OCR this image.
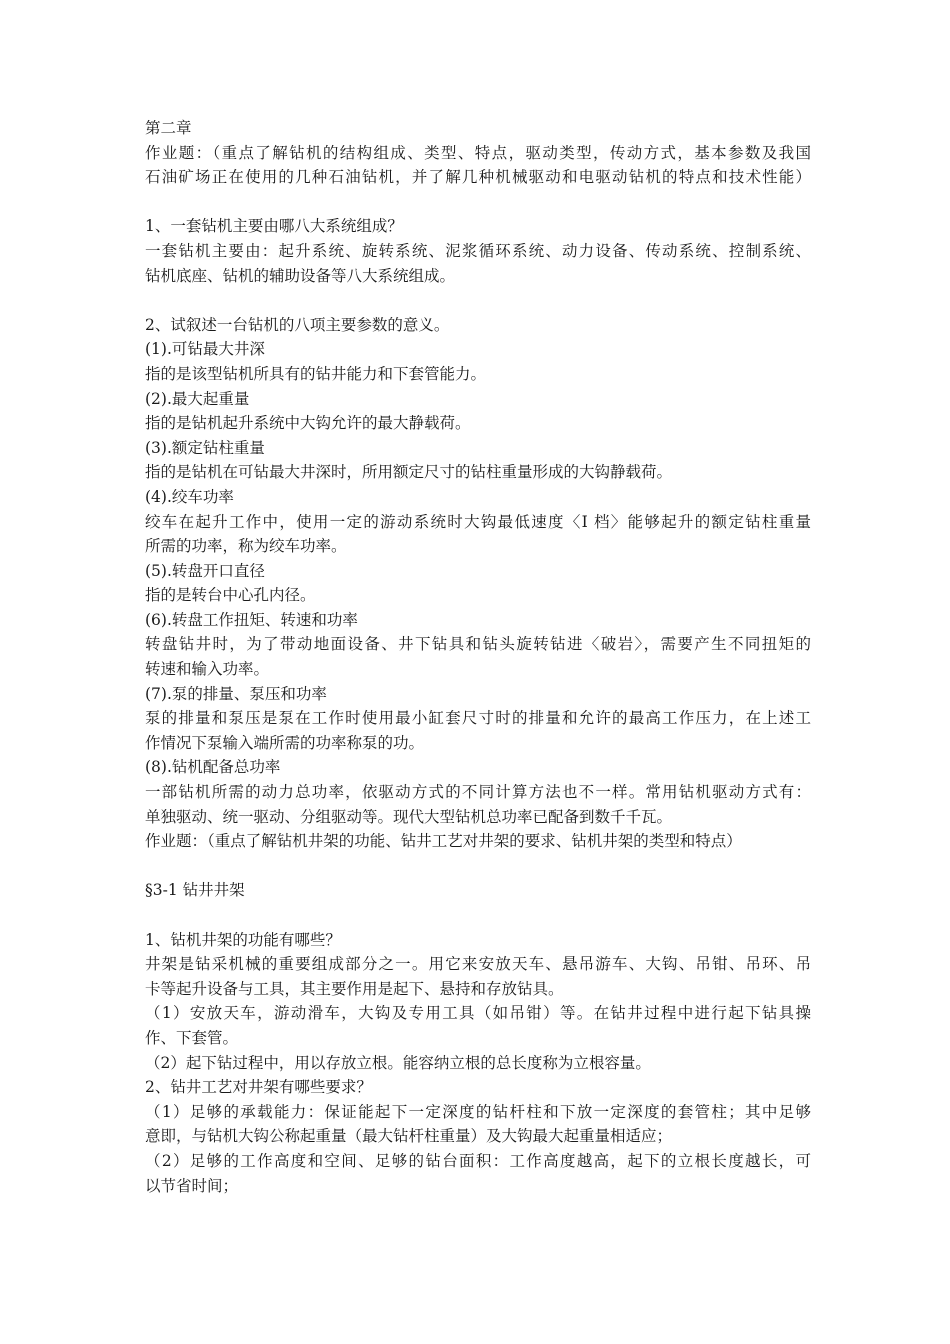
第二章
作业题：（重点了解钻机的结构组成、类型、特点，驱动类型，传动方式，基本参数及我国
石油矿场正在使用的几种石油钻机，并了解几种机械驱动和电驱动钻机的特点和技术性能）
1、一套钻机主要由哪八大系统组成？
一套钻机主要由：起升系统、旋转系统、泥浆循环系统、动力设备、传动系统、控制系统、
钻机底座、钻机的辅助设备等八大系统组成。
2、试叙述一台钻机的八项主要参数的意义。
(1).可钻最大井深
指的是该型钻机所具有的钻井能力和下套管能力。
(2).最大起重量
指的是钻机起升系统中大钩允许的最大静载荷。
(3).额定钻柱重量
指的是钻机在可钻最大井深时，所用额定尺寸的钻柱重量形成的大钩静载荷。
(4).绞车功率
绞车在起升工作中，使用一定的游动系统时大钩最低速度〈I 档〉能够起升的额定钻柱重量
所需的功率，称为绞车功率。
(5).转盘开口直径
指的是转台中心孔内径。
(6).转盘工作扭矩、转速和功率
转盘钻井时，为了带动地面设备、井下钻具和钻头旋转钻进〈破岩〉，需要产生不同扭矩的
转速和输入功率。
(7).泵的排量、泵压和功率
泵的排量和泵压是泵在工作时使用最小缸套尺寸时的排量和允许的最高工作压力，在上述工
作情况下泵输入端所需的功率称泵的功。
(8).钻机配备总功率
一部钻机所需的动力总功率，依驱动方式的不同计算方法也不一样。常用钻机驱动方式有：
单独驱动、统一驱动、分组驱动等。现代大型钻机总功率已配备到数千千瓦。
作业题：（重点了解钻机井架的功能、钻井工艺对井架的要求、钻机井架的类型和特点）
§3-1 钻井井架
1、钻机井架的功能有哪些？
井架是钻采机械的重要组成部分之一。用它来安放天车、悬吊游车、大钩、吊钳、吊环、吊
卡等起升设备与工具，其主要作用是起下、悬持和存放钻具。
（1）安放天车，游动滑车，大钩及专用工具（如吊钳）等。在钻井过程中进行起下钻具操
作、下套管。
（2）起下钻过程中，用以存放立根。能容纳立根的总长度称为立根容量。
2、钻井工艺对井架有哪些要求？
（1）足够的承载能力：保证能起下一定深度的钻杆柱和下放一定深度的套管柱；其中足够
意即，与钻机大钩公称起重量（最大钻杆柱重量）及大钩最大起重量相适应；
（2）足够的工作高度和空间、足够的钻台面积：工作高度越高，起下的立根长度越长，可
以节省时间；
